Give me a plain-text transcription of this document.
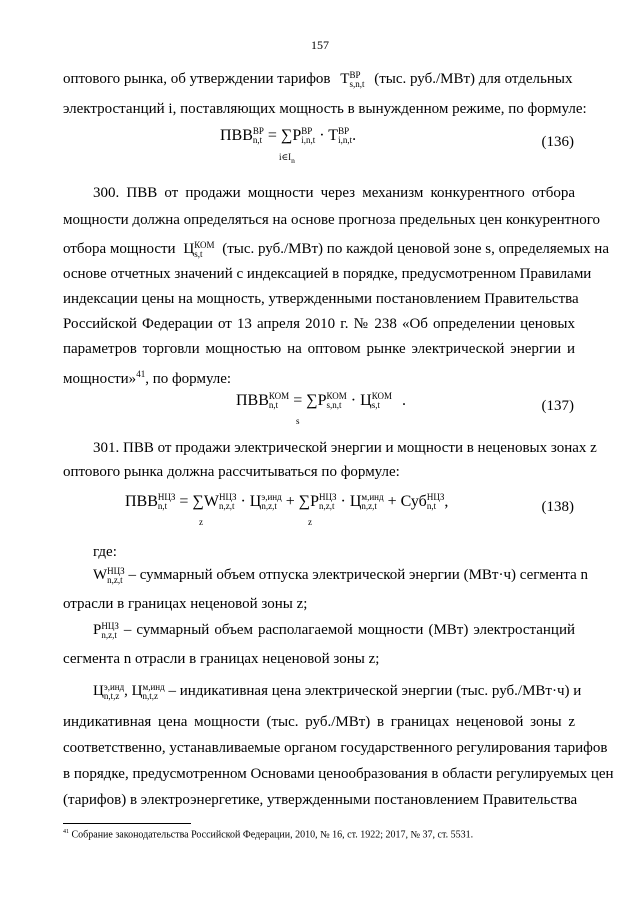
157
оптового рынка, об утверждении тарифов TВР
s,n,t (тыс. руб./МВт) для отдельных
электростанций i, поставляющих мощность в вынужденном режиме, по формуле:
ПВВВР
n,t = ∑PВР
i,n,t · TВР
i,n,t.
$i\in I_n$
(136)
300. ПВВ от продажи мощности через механизм конкурентного отбора
мощности должна определяться на основе прогноза предельных цен конкурентного
отбора мощности ЦКОМ
s,t (тыс. руб./МВт) по каждой ценовой зоне s, определяемых на
основе отчетных значений с индексацией в порядке, предусмотренном Правилами
индексации цены на мощность, утвержденными постановлением Правительства
Российской Федерации от 13 апреля 2010 г. № 238 «Об определении ценовых
параметров торговли мощностью на оптовом рынке электрической энергии и
мощности»$^{41}$, по формуле:
ПВВКОМ
n,t = ∑PКОМ
s,n,t · ЦКОМ
s,t .
s
(137)
301. ПВВ от продажи электрической энергии и мощности в неценовых зонах z
оптового рынка должна рассчитываться по формуле:
ПВВНЦЗ
n,t = ∑WНЦЗ
n,z,t · Цэ,инд
n,z,t + ∑PНЦЗ
n,z,t · Цм,инд
n,z,t + СубНЦЗ
n,t ,
z	z
(138)
где:
WНЦЗ
n,z,t – суммарный объем отпуска электрической энергии (МВт·ч) сегмента n
отрасли в границах неценовой зоны z;
PНЦЗ
n,z,t – суммарный объем располагаемой мощности (МВт) электростанций
сегмента n отрасли в границах неценовой зоны z;
Цэ,инд
n,t,z , Цм,инд
n,t,z – индикативная цена электрической энергии (тыс. руб./МВт·ч) и
индикативная цена мощности (тыс. руб./МВт) в границах неценовой зоны z
соответственно, устанавливаемые органом государственного регулирования тарифов
в порядке, предусмотренном Основами ценообразования в области регулируемых цен
(тарифов) в электроэнергетике, утвержденными постановлением Правительства
$^{41}$ Собрание законодательства Российской Федерации, 2010, № 16, ст. 1922; 2017, № 37, ст. 5531.
